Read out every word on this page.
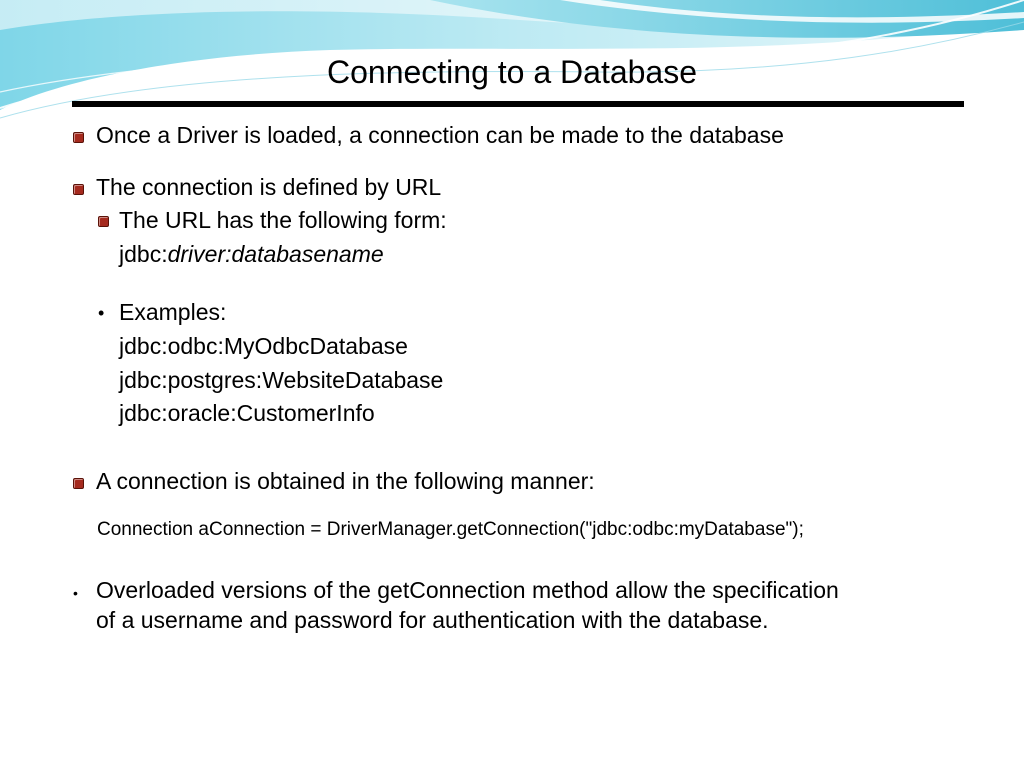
Connecting to a Database
Once a Driver is loaded, a connection can be made to the database
The connection is defined by URL
The URL has the following form:
jdbc:driver:databasename
• Examples:
jdbc:odbc:MyOdbcDatabase
jdbc:postgres:WebsiteDatabase
jdbc:oracle:CustomerInfo
A connection is obtained in the following manner:
Connection aConnection = DriverManager.getConnection("jdbc:odbc:myDatabase");
• Overloaded versions of the getConnection method allow the specification
of a username and password for authentication with the database.
